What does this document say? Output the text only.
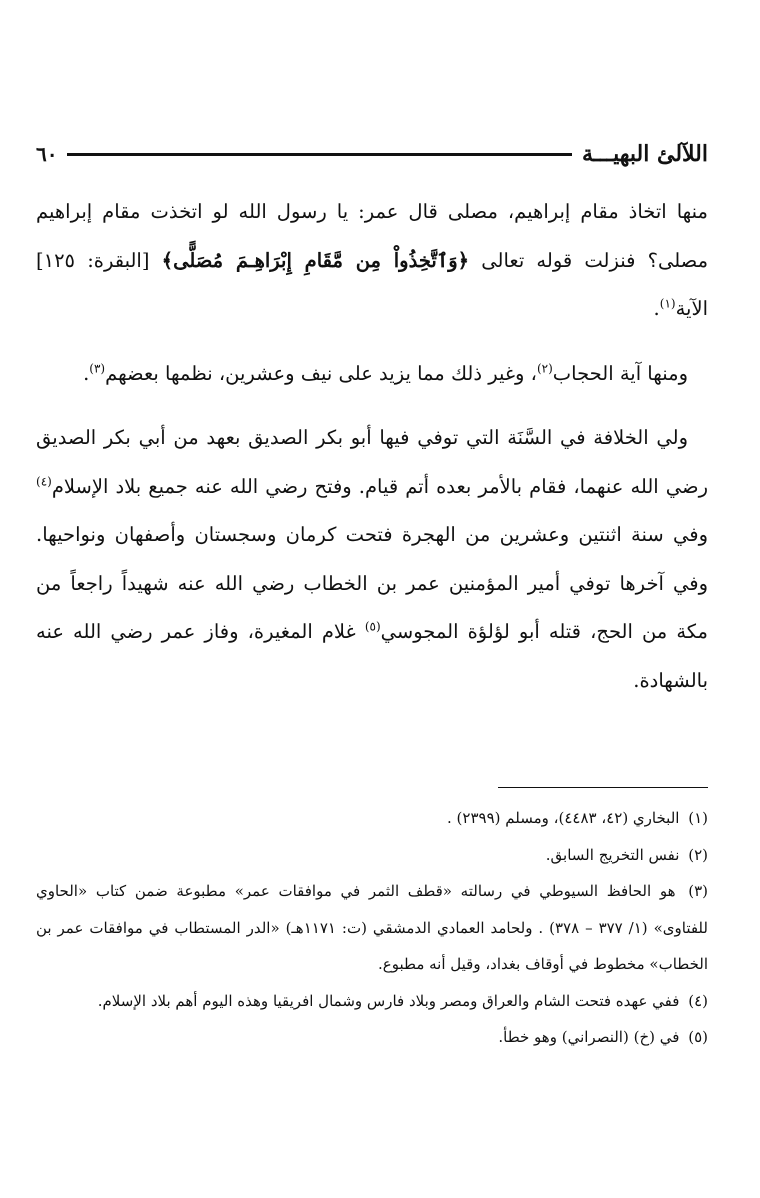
٦٠	اللآلئ البهيـــة

منها اتخاذ مقام إبراهيم، مصلى قال عمر: يا رسول الله لو اتخذت مقام إبراهيم مصلى؟ فنزلت قوله تعالى ﴿وَٱتَّخِذُواْ مِن مَّقَامِ إِبْرَاهِـمَ مُصَلًّى﴾ [البقرة: ١٢٥] الآية$^{(١)}$.

ومنها آية الحجاب$^{(٢)}$، وغير ذلك مما يزيد على نيف وعشرين، نظمها بعضهم$^{(٣)}$.

ولي الخلافة في السَّنَة التي توفي فيها أبو بكر الصديق بعهد من أبي بكر الصديق رضي الله عنهما، فقام بالأمر بعده أتم قيام. وفتح رضي الله عنه جميع بلاد الإسلام$^{(٤)}$ وفي سنة اثنتين وعشرين من الهجرة فتحت كرمان وسجستان وأصفهان ونواحيها. وفي آخرها توفي أمير المؤمنين عمر بن الخطاب رضي الله عنه شهيداً راجعاً من مكة من الحج، قتله أبو لؤلؤة المجوسي$^{(٥)}$ غلام المغيرة، وفاز عمر رضي الله عنه بالشهادة.

(١) البخاري (٤٢، ٤٤٨٣)، ومسلم (٢٣٩٩) .

(٢) نفس التخريج السابق.

(٣) هو الحافظ السيوطي في رسالته «قطف الثمر في موافقات عمر» مطبوعة ضمن كتاب «الحاوي للفتاوى» (١/ ٣٧٧ – ٣٧٨) . ولحامد العمادي الدمشقي (ت: ١١٧١هـ) «الدر المستطاب في موافقات عمر بن الخطاب» مخطوط في أوقاف بغداد، وقيل أنه مطبوع.

(٤) ففي عهده فتحت الشام والعراق ومصر وبلاد فارس وشمال افريقيا وهذه اليوم أهم بلاد الإسلام.

(٥) في (خ) (النصراني) وهو خطأ.
